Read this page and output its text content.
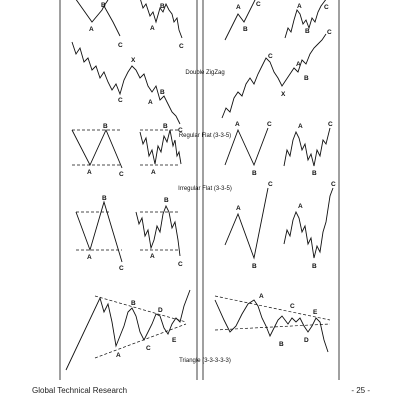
A
B
C
A
B
C
A
B
C	A
B
C
C
X
A
B
C
C
X
A
B
C
Double ZigZag
A
B
C	A
B	A
B
C	A
B
C
Regular Flat (3-3-5)
A
B
C
A
B
C
A
B
C
A
B
C
Irregular Flat (3-3-5)
A
B
C
D
E
A
B
C
D
E
Triangle (3-3-3-3-3)
Global Technical Research	- 25 -
